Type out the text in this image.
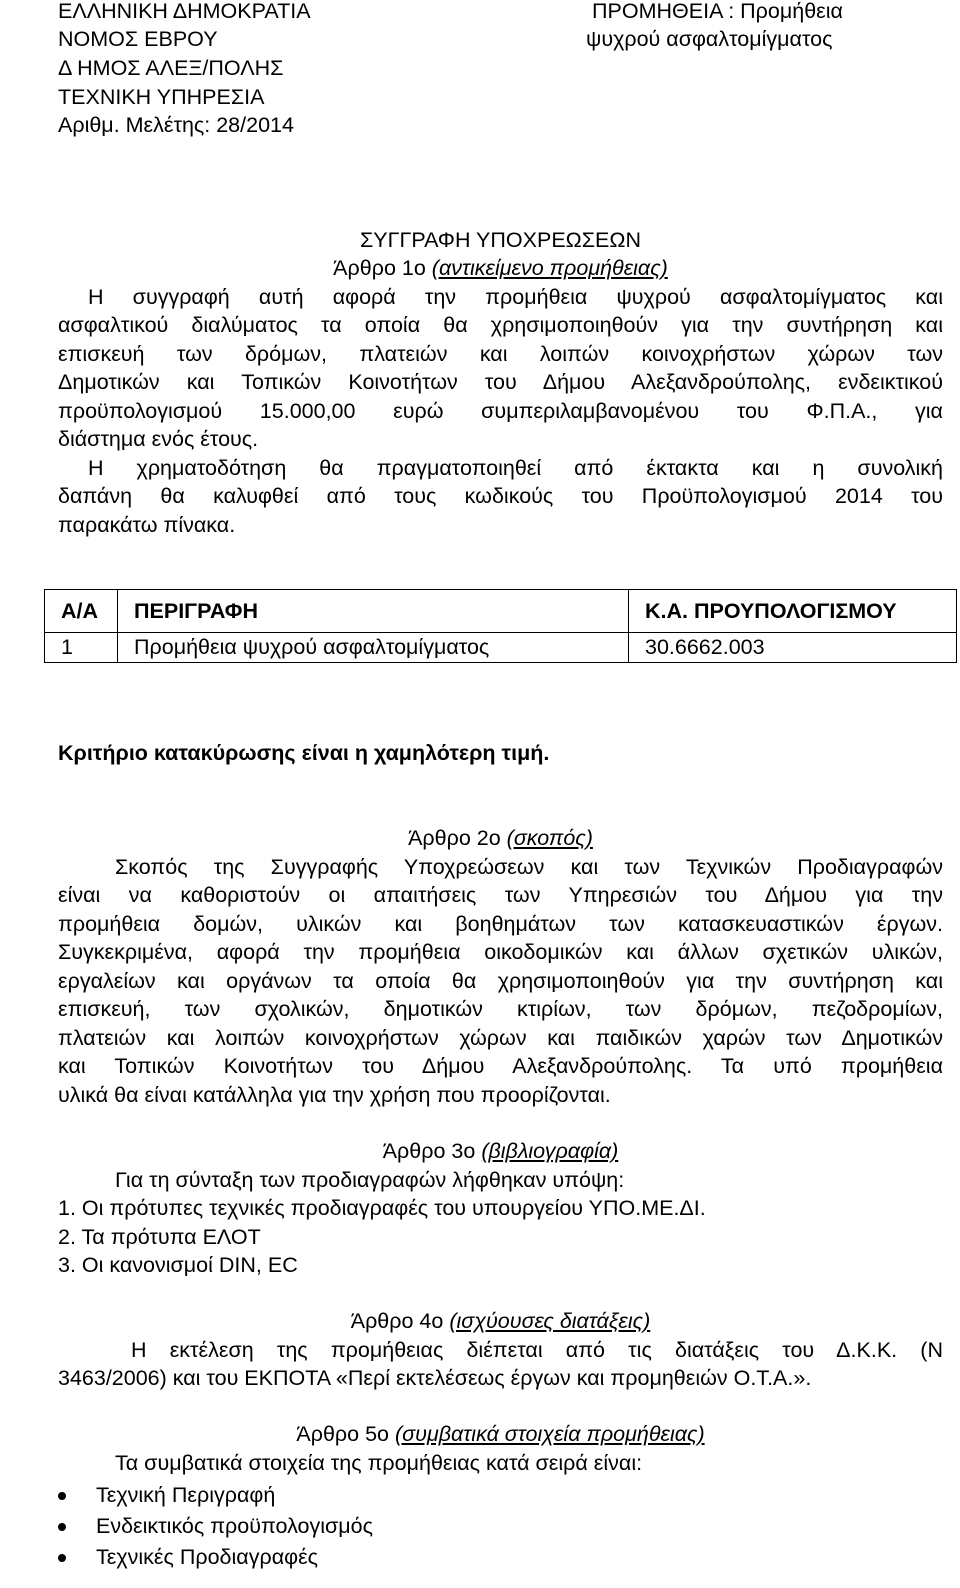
ΕΛΛΗΝΙΚΗ ΔΗΜΟΚΡΑΤΙΑ
ΝΟΜΟΣ ΕΒΡΟΥ
Δ ΗΜΟΣ ΑΛΕΞ/ΠΟΛΗΣ
ΤΕΧΝΙΚΗ ΥΠΗΡΕΣΙΑ
Αριθμ. Μελέτης: 28/2014
ΠΡΟΜΗΘΕΙΑ : Προμήθεια
ψυχρού ασφαλτομίγματος
ΣΥΓΓΡΑΦΗ ΥΠΟΧΡΕΩΣΕΩΝ
Άρθρο 1ο (αντικείμενο προμήθειας)
Η συγγραφή αυτή αφορά την προμήθεια ψυχρού ασφαλτομίγματος και
ασφαλτικού διαλύματος τα οποία θα χρησιμοποιηθούν για την συντήρηση και
επισκευή των δρόμων, πλατειών και λοιπών κοινοχρήστων χώρων των
Δημοτικών και Τοπικών Κοινοτήτων του Δήμου Αλεξανδρούπολης, ενδεικτικού
προϋπολογισμού 15.000,00 ευρώ συμπεριλαμβανομένου του Φ.Π.Α., για
διάστημα ενός έτους.
Η χρηματοδότηση θα πραγματοποιηθεί από έκτακτα και η συνολική
δαπάνη θα καλυφθεί από τους κωδικούς του Προϋπολογισμού 2014 του
παρακάτω πίνακα.
Α/Α	ΠΕΡΙΓΡΑΦΗ	Κ.Α. ΠΡΟΥΠΟΛΟΓΙΣΜΟΥ
1	Προμήθεια ψυχρού ασφαλτομίγματος	30.6662.003
Κριτήριο κατακύρωσης είναι η χαμηλότερη τιμή.
Άρθρο 2ο (σκοπός)
Σκοπός της Συγγραφής Υποχρεώσεων και των Τεχνικών Προδιαγραφών
είναι να καθοριστούν οι απαιτήσεις των Υπηρεσιών του Δήμου για την
προμήθεια δομών, υλικών και βοηθημάτων των κατασκευαστικών έργων.
Συγκεκριμένα, αφορά την προμήθεια οικοδομικών και άλλων σχετικών υλικών,
εργαλείων και οργάνων τα οποία θα χρησιμοποιηθούν για την συντήρηση και
επισκευή, των σχολικών, δημοτικών κτιρίων, των δρόμων, πεζοδρομίων,
πλατειών και λοιπών κοινοχρήστων χώρων και παιδικών χαρών των Δημοτικών
και Τοπικών Κοινοτήτων του Δήμου Αλεξανδρούπολης. Τα υπό προμήθεια
υλικά θα είναι κατάλληλα για την χρήση που προορίζονται.
Άρθρο 3ο (βιβλιογραφία)
Για τη σύνταξη των προδιαγραφών λήφθηκαν υπόψη:
1. Οι πρότυπες τεχνικές προδιαγραφές του υπουργείου ΥΠΟ.ΜΕ.ΔΙ.
2. Τα πρότυπα ΕΛΟΤ
3. Οι κανονισμοί DIN, EC
Άρθρο 4ο (ισχύουσες διατάξεις)
Η εκτέλεση της προμήθειας διέπεται από τις διατάξεις του Δ.Κ.Κ. (Ν
3463/2006) και του ΕΚΠΟΤΑ «Περί εκτελέσεως έργων και προμηθειών Ο.Τ.Α.».
Άρθρο 5ο (συμβατικά στοιχεία προμήθειας)
Τα συμβατικά στοιχεία της προμήθειας κατά σειρά είναι:
Τεχνική Περιγραφή
Ενδεικτικός προϋπολογισμός
Τεχνικές Προδιαγραφές
